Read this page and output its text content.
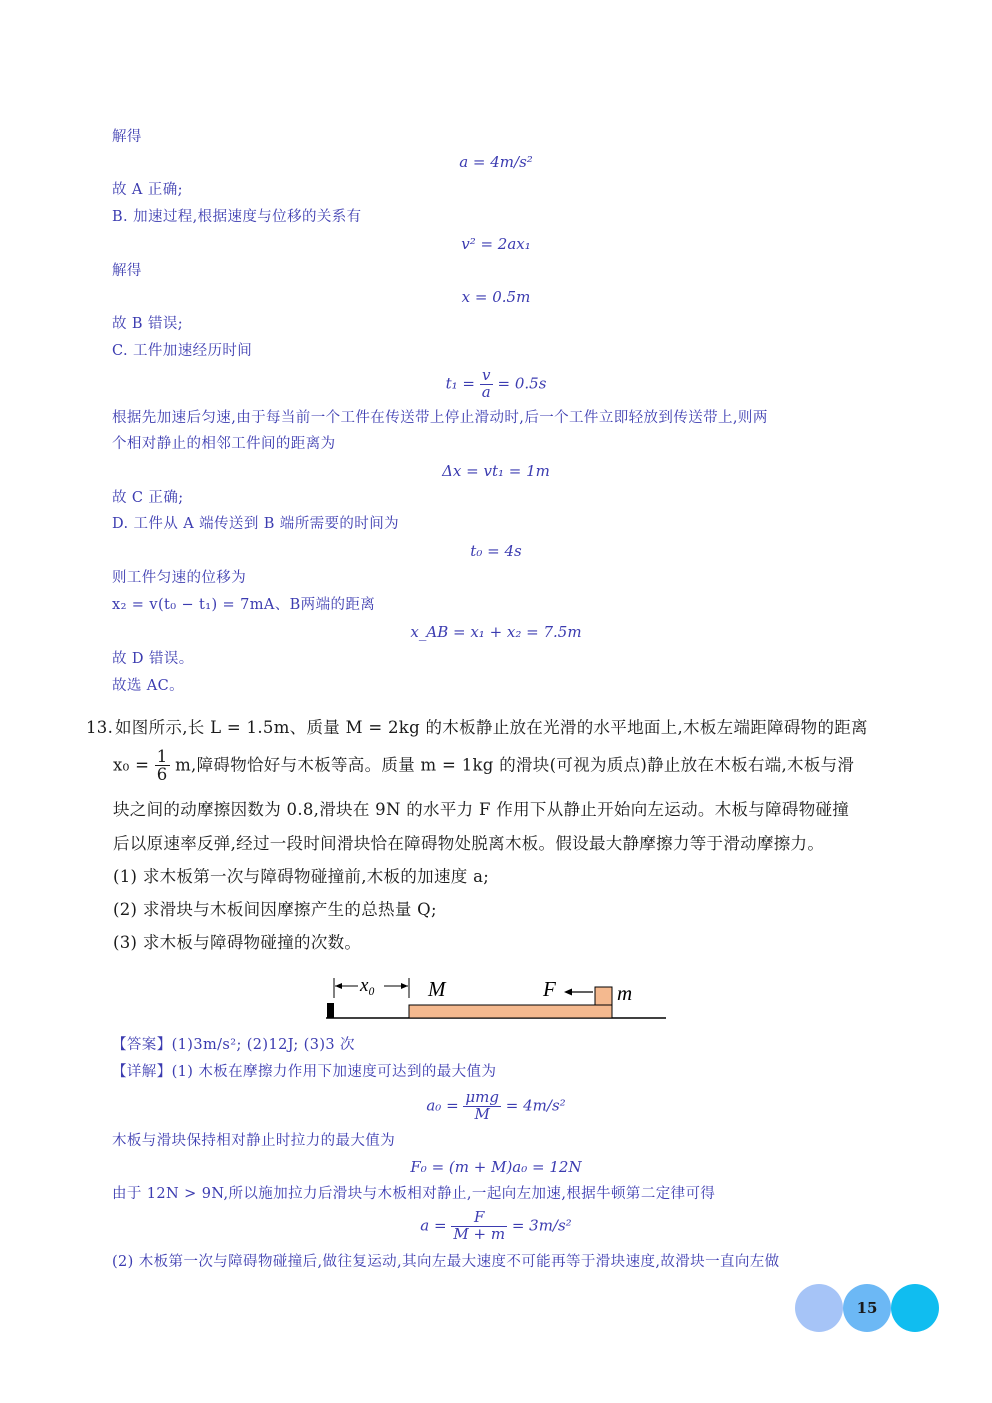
解得
a = 4m/s²
故 A 正确;
B. 加速过程,根据速度与位移的关系有
v² = 2ax₁
解得
x = 0.5m
故 B 错误;
C. 工件加速经历时间
$t_1 = \frac{v}{a} = 0.5s$
根据先加速后匀速,由于每当前一个工件在传送带上停止滑动时,后一个工件立即轻放到传送带上,则两
个相对静止的相邻工件间的距离为
Δx = vt₁ = 1m
故 C 正确;
D. 工件从 A 端传送到 B 端所需要的时间为
t₀ = 4s
则工件匀速的位移为
x₂ = v(t₀ − t₁) = 7mA、B两端的距离
x_AB = x₁ + x₂ = 7.5m
故 D 错误。
故选 AC。
13. 如图所示,长 L = 1.5m、质量 M = 2kg 的木板静止放在光滑的水平地面上,木板左端距障碍物的距离
$x_0 = \frac{1}{6} m$,障碍物恰好与木板等高。质量 m = 1kg 的滑块(可视为质点)静止放在木板右端,木板与滑
块之间的动摩擦因数为 0.8,滑块在 9N 的水平力 F 作用下从静止开始向左运动。木板与障碍物碰撞
后以原速率反弹,经过一段时间滑块恰在障碍物处脱离木板。假设最大静摩擦力等于滑动摩擦力。
(1) 求木板第一次与障碍物碰撞前,木板的加速度 a;
(2) 求滑块与木板间因摩擦产生的总热量 Q;
(3) 求木板与障碍物碰撞的次数。
x₀	M	m
F
【答案】(1)3m/s²; (2)12J; (3)3 次
【详解】(1) 木板在摩擦力作用下加速度可达到的最大值为
$a_0 = \frac{\text{μmg}}{M} = 4m/s^2$
木板与滑块保持相对静止时拉力的最大值为
F₀ = (m + M)a₀ = 12N
由于 12N > 9N,所以施加拉力后滑块与木板相对静止,一起向左加速,根据牛顿第二定律可得
$a = \frac{F}{M + m} = 3m/s^2$
(2) 木板第一次与障碍物碰撞后,做往复运动,其向左最大速度不可能再等于滑块速度,故滑块一直向左做
15
